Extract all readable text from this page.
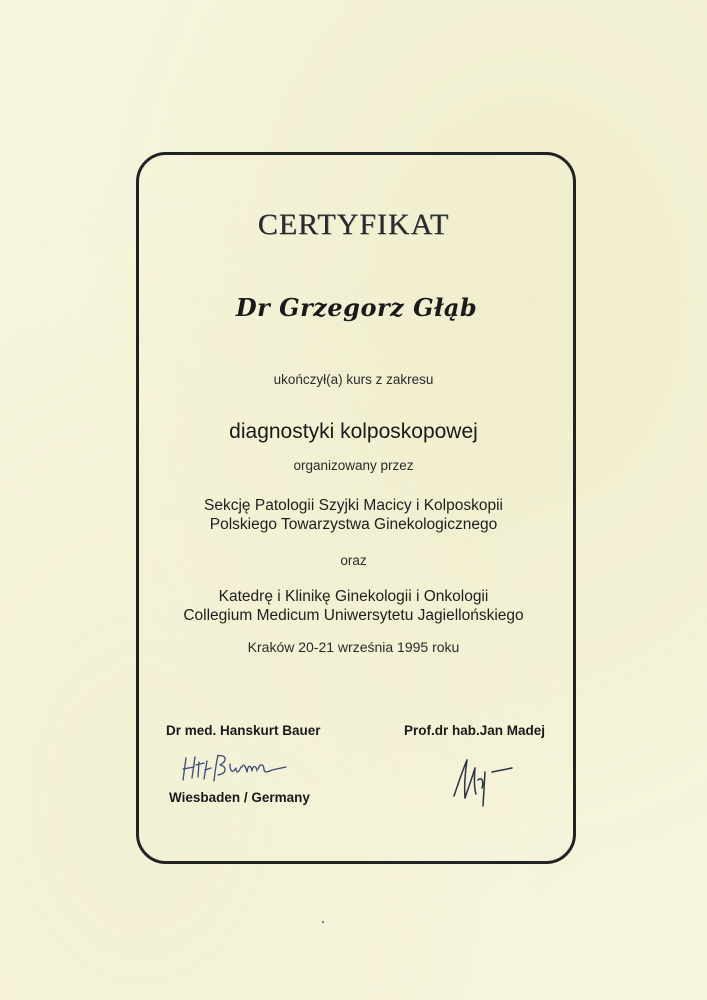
CERTYFIKAT
Dr Grzegorz Głąb
ukończył(a) kurs z zakresu
diagnostyki kolposkopowej
organizowany przez
Sekcję Patologii Szyjki Macicy i Kolposkopii
Polskiego Towarzystwa Ginekologicznego
oraz
Katedrę i Klinikę Ginekologii i Onkologii
Collegium Medicum Uniwersytetu Jagiellońskiego
Kraków 20-21 września 1995 roku
Dr med. Hanskurt Bauer
Wiesbaden / Germany
Prof.dr hab.Jan Madej
